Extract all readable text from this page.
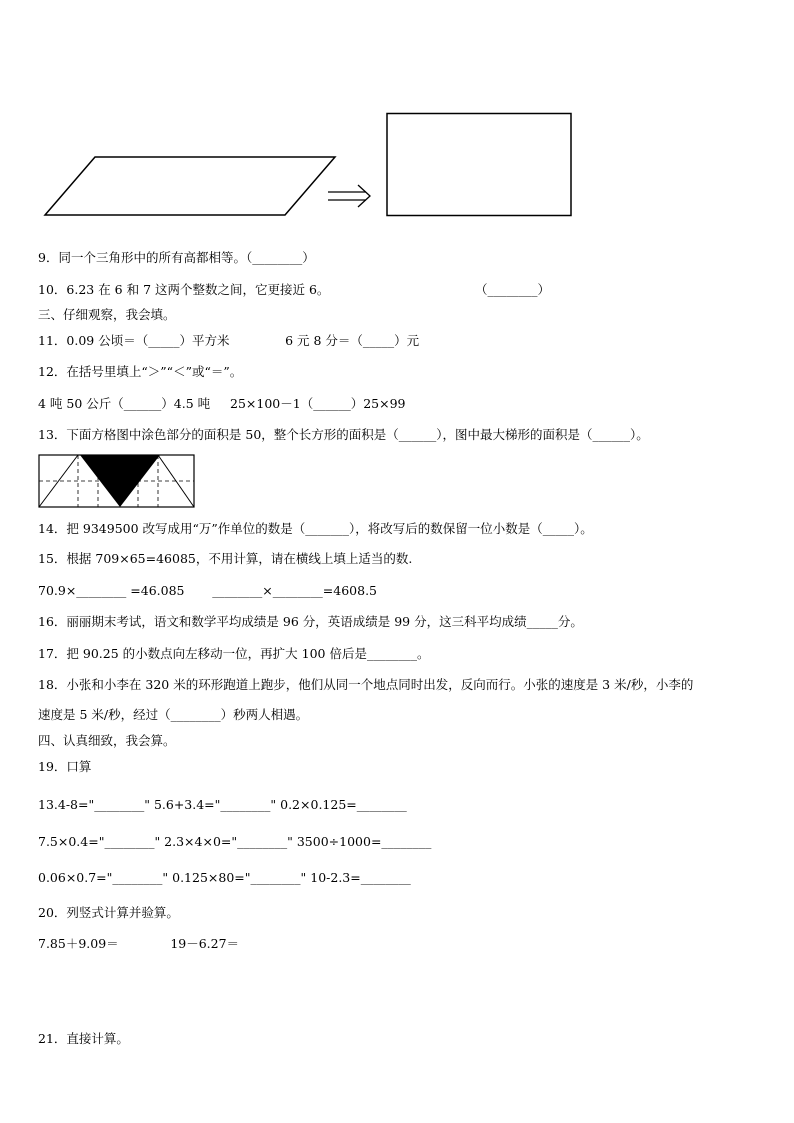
9．同一个三角形中的所有高都相等。（________）
10．6.23 在 6 和 7 这两个整数之间，它更接近 6。	（________）
三、仔细观察，我会填。
11．0.09 公顷＝（_____）平方米              6 元 8 分＝（_____）元
12．在括号里填上“＞”“＜”或“＝”。
4 吨 50 公斤（______）4.5 吨     25×100－1（______）25×99
13．下面方格图中涂色部分的面积是 50，整个长方形的面积是（______），图中最大梯形的面积是（______）。
14．把 9349500 改写成用“万”作单位的数是（_______），将改写后的数保留一位小数是（_____）。
15．根据 709×65=46085，不用计算，请在横线上填上适当的数.
70.9×________ =46.085       ________×________=4608.5
16．丽丽期末考试，语文和数学平均成绩是 96 分，英语成绩是 99 分，这三科平均成绩_____分。
17．把 90.25 的小数点向左移动一位，再扩大 100 倍后是________。
18．小张和小李在 320 米的环形跑道上跑步，他们从同一个地点同时出发，反向而行。小张的速度是 3 米/秒，小李的
速度是 5 米/秒，经过（________）秒两人相遇。
四、认真细致，我会算。
19．口算
13.4-8="________" 5.6+3.4="________" 0.2×0.125=________
7.5×0.4="________" 2.3×4×0="________" 3500÷1000=________
0.06×0.7="________" 0.125×80="________" 10-2.3=________
20．列竖式计算并验算。
7.85＋9.09＝             19－6.27＝
21．直接计算。
